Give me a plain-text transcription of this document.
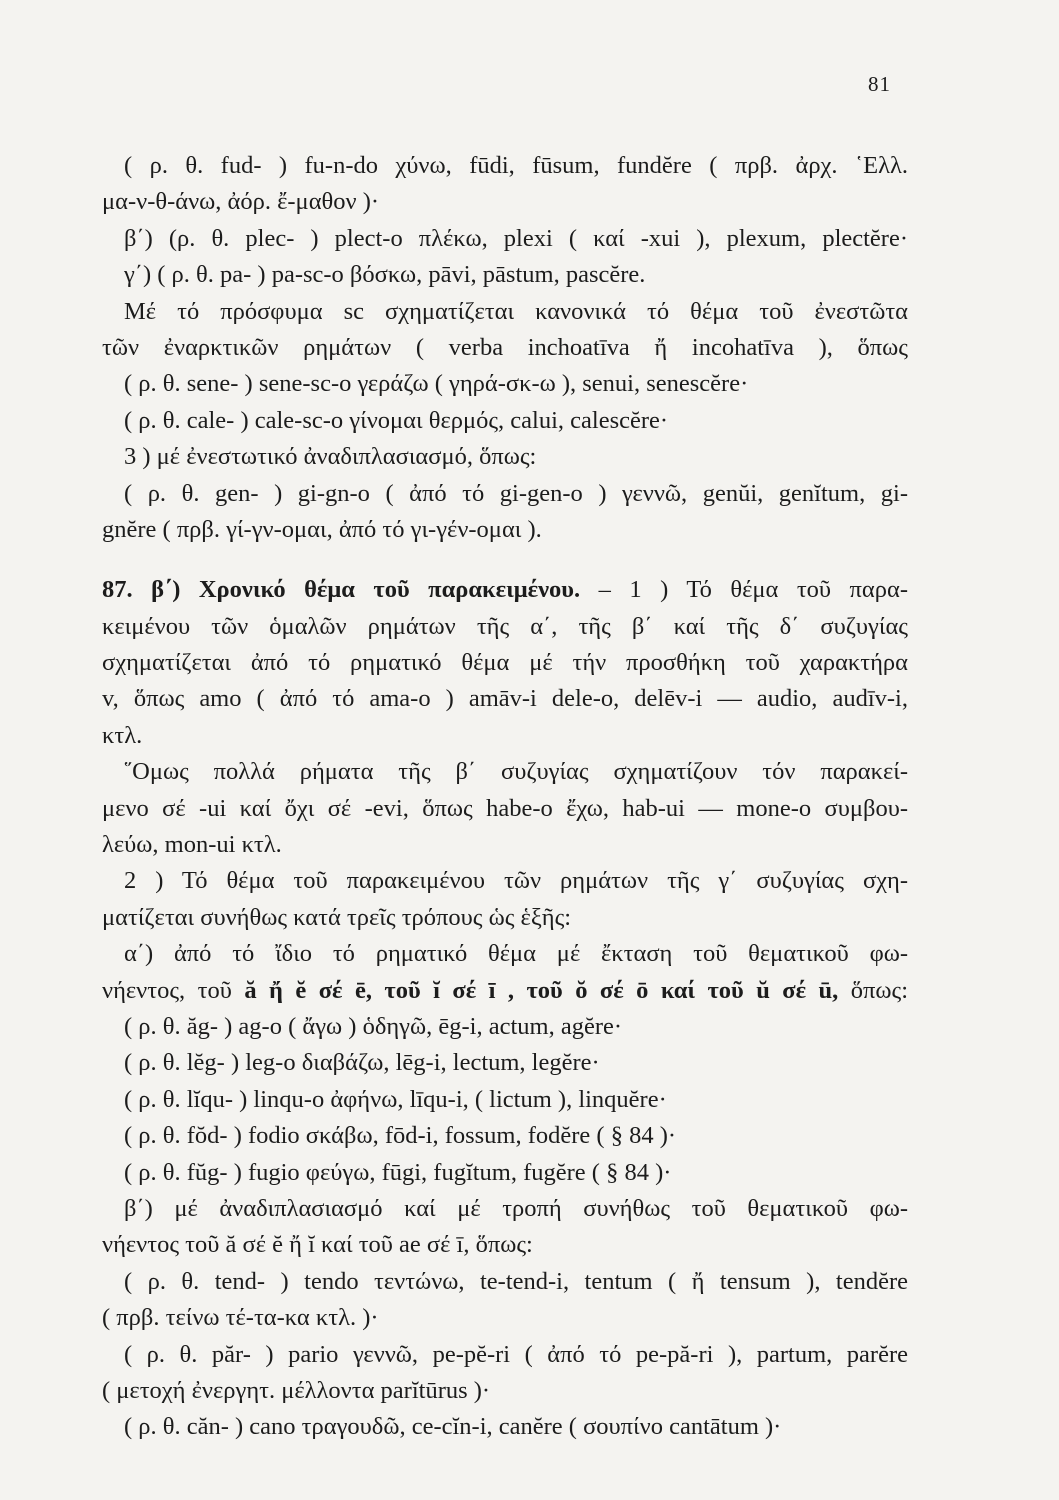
81
( ρ. θ. fud- ) fu-n-do χύνω, fūdi, fūsum, fundĕre ( πρβ. ἀρχ. ῾Ελλ.
μα-ν-θ-άνω, ἀόρ. ἔ-μαθον )·
β΄) (ρ. θ. plec- ) plect-o πλέκω, plexi ( καί -xui ), plexum, plectĕre·
γ΄) ( ρ. θ. pa- ) pa-sc-o βόσκω, pāvi, pāstum, pascĕre.
Μέ τό πρόσφυμα sc σχηματίζεται κανονικά τό θέμα τοῦ ἐνεστῶτα
τῶν ἐναρκτικῶν ρημάτων ( verba inchoatīva ἤ incohatīva ), ὅπως
( ρ. θ. sene- ) sene-sc-o γεράζω ( γηρά-σκ-ω ), senui, senescĕre·
( ρ. θ. cale- ) cale-sc-o γίνομαι θερμός, calui, calescĕre·
3 ) μέ ἐνεστωτικό ἀναδιπλασιασμό, ὅπως:
( ρ. θ. gen- ) gi-gn-o ( ἀπό τό gi-gen-o ) γεννῶ, genŭi, genĭtum, gi-
gnĕre ( πρβ. γί-γν-ομαι, ἀπό τό γι-γέν-ομαι ).
87. β΄) Χρονικό θέμα τοῦ παρακειμένου. – 1 ) Τό θέμα τοῦ παρα-
κειμένου τῶν ὁμαλῶν ρημάτων τῆς α΄, τῆς β΄ καί τῆς δ΄ συζυγίας
σχηματίζεται ἀπό τό ρηματικό θέμα μέ τήν προσθήκη τοῦ χαρακτήρα
v, ὅπως amo ( ἀπό τό ama-o ) amāv-i dele-o, delēv-i — audio, audīv-i,
κτλ.
῞Ομως πολλά ρήματα τῆς β΄ συζυγίας σχηματίζουν τόν παρακεί-
μενο σέ -ui καί ὄχι σέ -evi, ὅπως habe-o ἔχω, hab-ui — mone-o συμβου-
λεύω, mon-ui κτλ.
2 ) Τό θέμα τοῦ παρακειμένου τῶν ρημάτων τῆς γ΄ συζυγίας σχη-
ματίζεται συνήθως κατά τρεῖς τρόπους ὡς ἑξῆς:
α΄) ἀπό τό ἴδιο τό ρηματικό θέμα μέ ἔκταση τοῦ θεματικοῦ φω-
νήεντος, τοῦ ă ἤ ĕ σέ ē, τοῦ ĭ σέ ī , τοῦ ŏ σέ ō καί τοῦ ŭ σέ ū, ὅπως:
( ρ. θ. ăg- ) ag-o ( ἄγω ) ὁδηγῶ, ēg-i, actum, agĕre·
( ρ. θ. lĕg- ) leg-o διαβάζω, lēg-i, lectum, legĕre·
( ρ. θ. lĭqu- ) linqu-o ἀφήνω, līqu-i, ( lictum ), linquĕre·
( ρ. θ. fŏd- ) fodio σκάβω, fōd-i, fossum, fodĕre ( § 84 )·
( ρ. θ. fŭg- ) fugio φεύγω, fūgi, fugĭtum, fugĕre ( § 84 )·
β΄) μέ ἀναδιπλασιασμό καί μέ τροπή συνήθως τοῦ θεματικοῦ φω-
νήεντος τοῦ ă σέ ĕ ἤ ĭ καί τοῦ ae σέ ī, ὅπως:
( ρ. θ. tend- ) tendo τεντώνω, te-tend-i, tentum ( ἤ tensum ), tendĕre
( πρβ. τείνω τέ-τα-κα κτλ. )·
( ρ. θ. păr- ) pario γεννῶ, pe-pĕ-ri ( ἀπό τό pe-pă-ri ), partum, parĕre
( μετοχή ἐνεργητ. μέλλοντα parĭtūrus )·
( ρ. θ. căn- ) cano τραγουδῶ, ce-cĭn-i, canĕre ( σουπίνο cantātum )·
